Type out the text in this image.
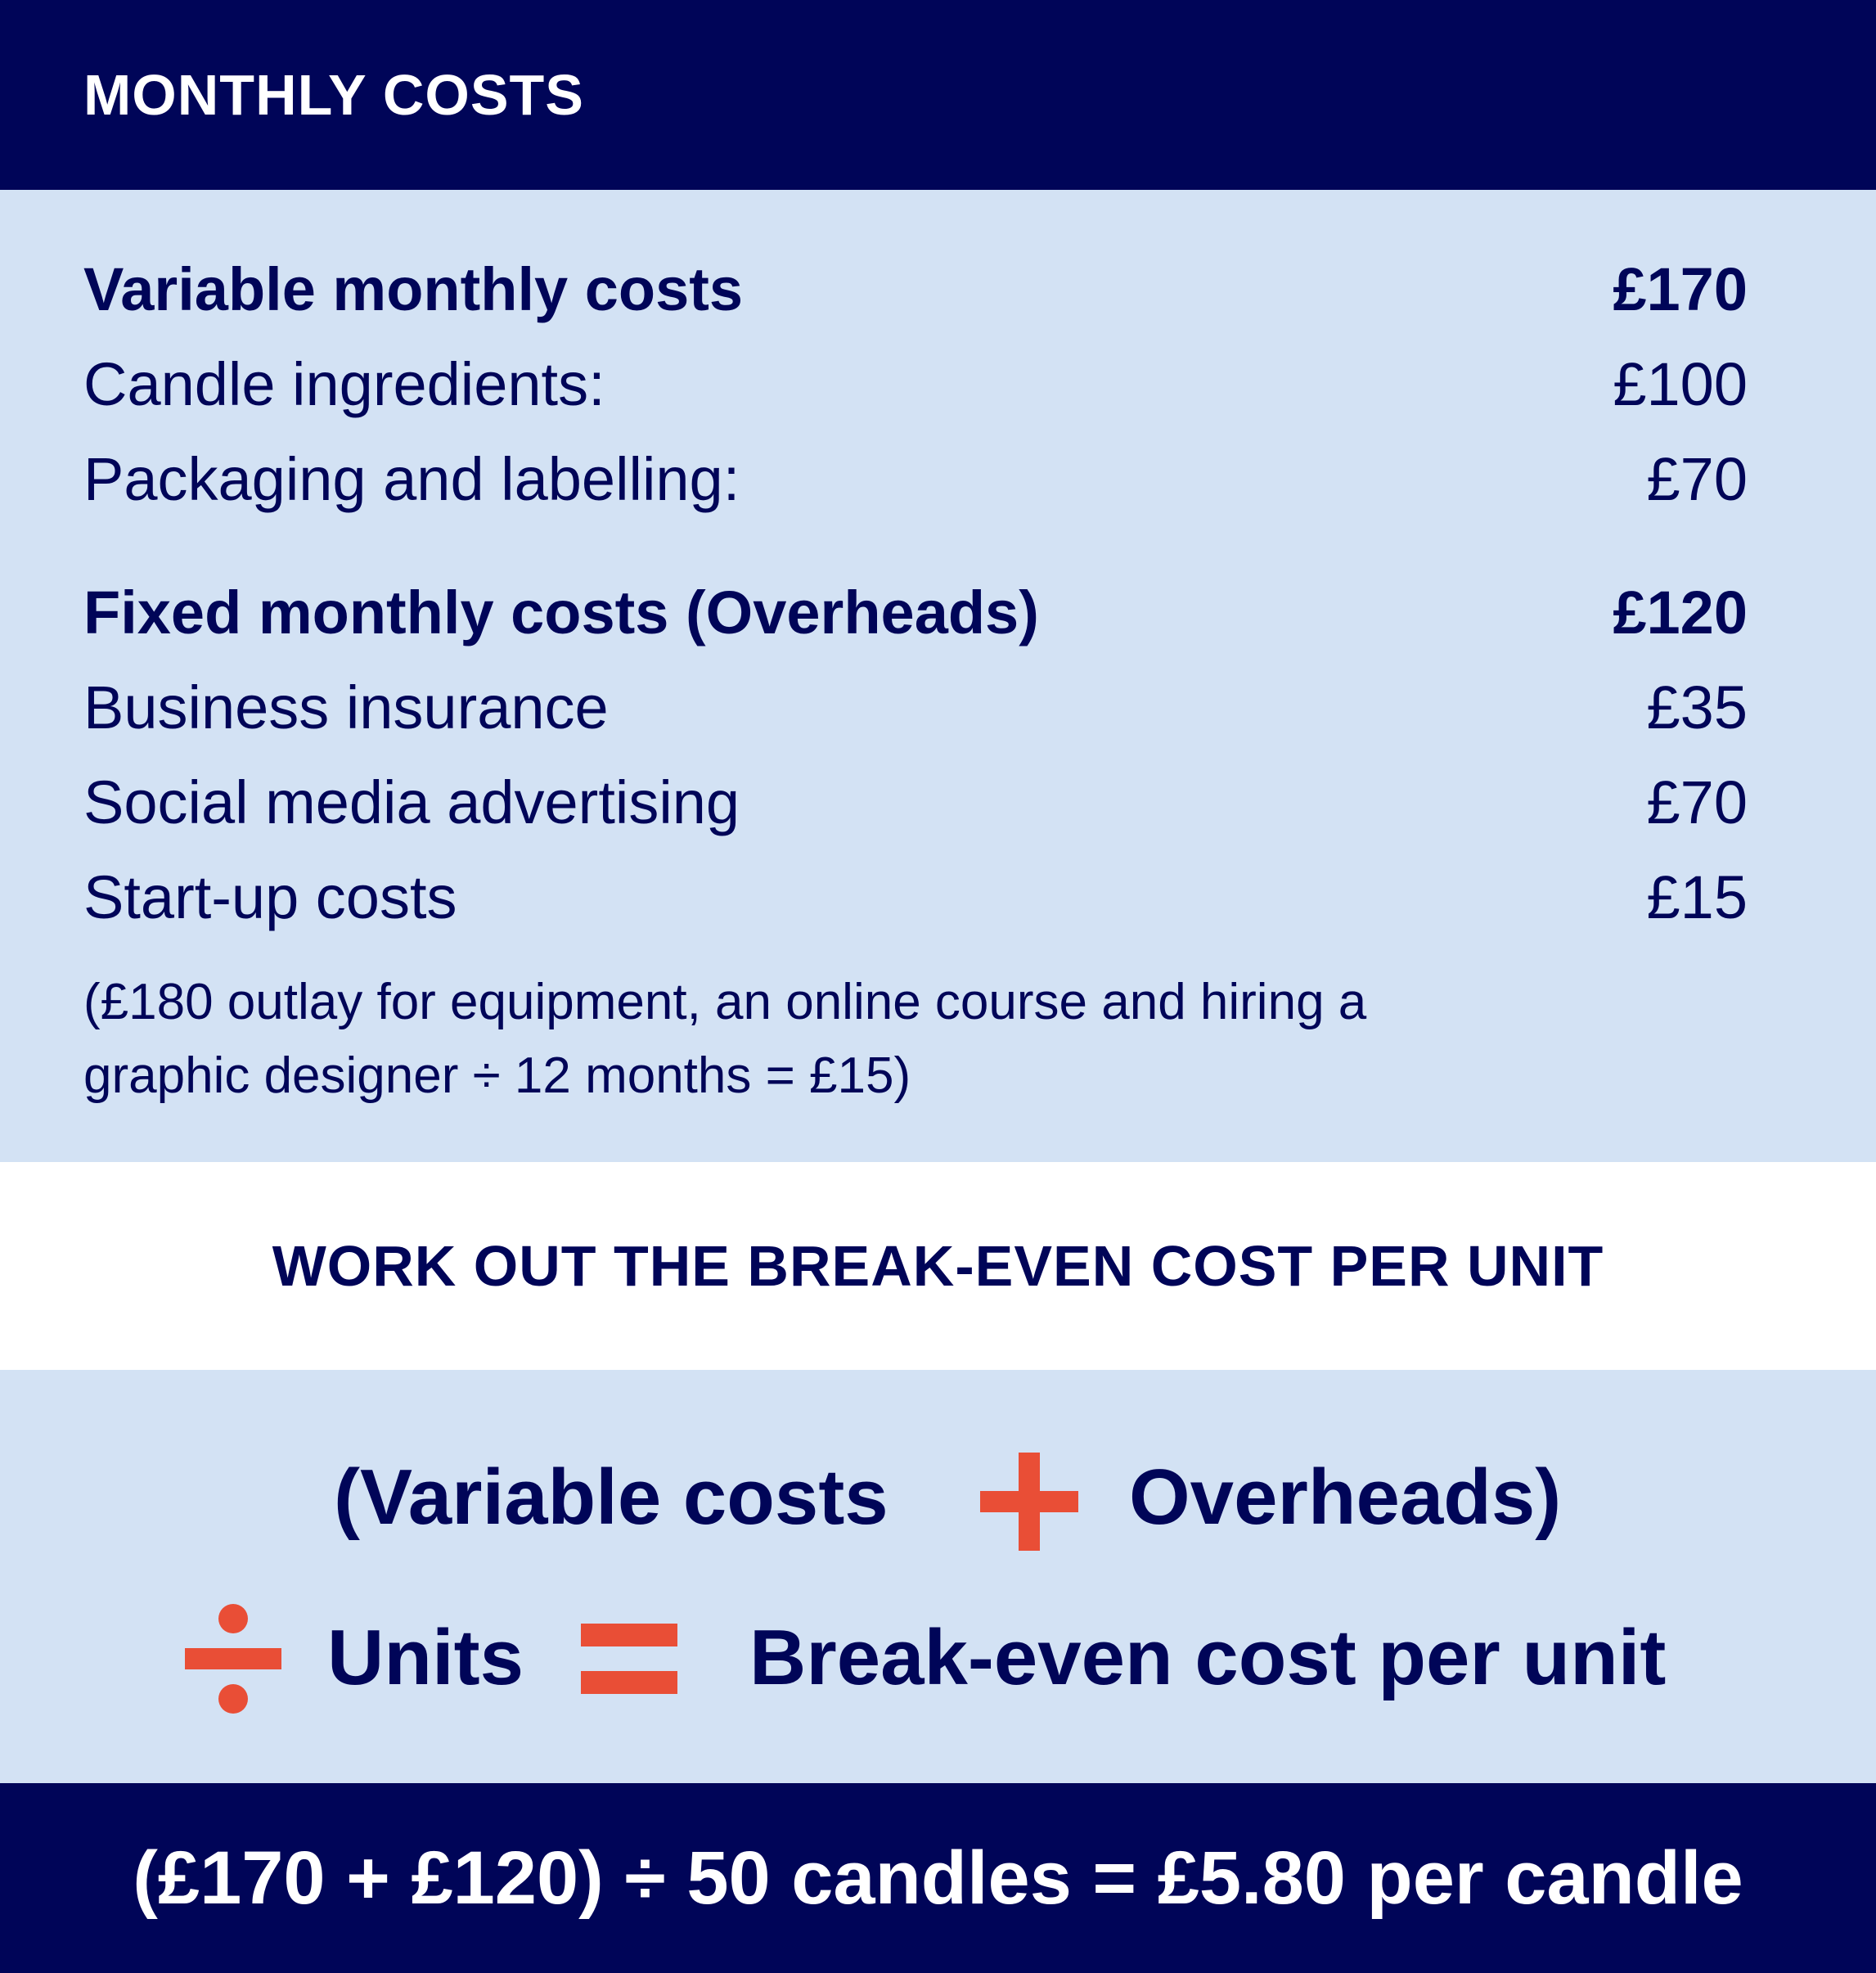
MONTHLY COSTS
Variable monthly costs	£170
Candle ingredients:	£100
Packaging and labelling:	£70
Fixed monthly costs (Overheads)	£120
Business insurance	£35
Social media advertising	£70
Start-up costs	£15
(£180 outlay for equipment, an online course and hiring a
graphic designer ÷ 12 months = £15)
WORK OUT THE BREAK-EVEN COST PER UNIT
(Variable costs	Overheads)
Units	Break-even cost per unit
(£170 + £120) ÷ 50 candles = £5.80 per candle
